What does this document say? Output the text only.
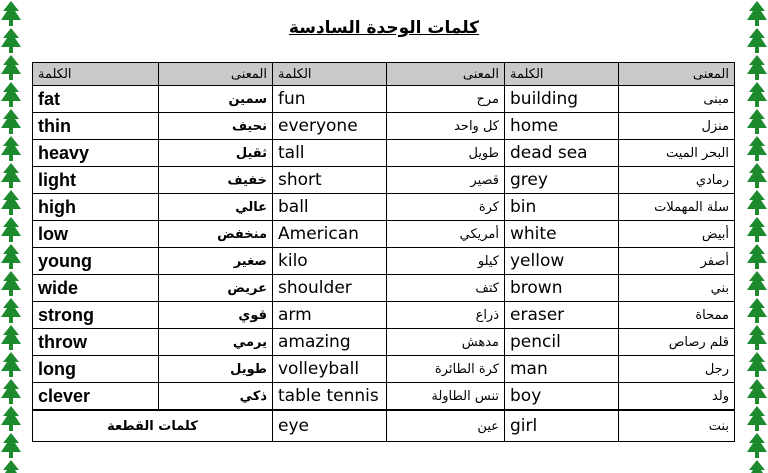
كلمات الوحدة السادسة
الكلمة	المعنى	الكلمة	المعنى	الكلمة	المعنى
fat	سمين	fun	مرح	building	مبنى
thin	نحيف	everyone	كل واحد	home	منزل
heavy	ثقيل	tall	طويل	dead sea	البحر الميت
light	خفيف	short	قصير	grey	رمادي
high	عالي	ball	كرة	bin	سلة المهملات
low	منخفض	American	أمريكي	white	أبيض
young	صغير	kilo	كيلو	yellow	أصفر
wide	عريض	shoulder	كتف	brown	بني
strong	قوي	arm	ذراع	eraser	ممحاة
throw	يرمي	amazing	مدهش	pencil	قلم رصاص
long	طويل	volleyball	كرة الطائرة	man	رجل
clever	ذكي	table tennis	تنس الطاولة	boy	ولد
كلمات القطعة		eye	عين	girl	بنت
